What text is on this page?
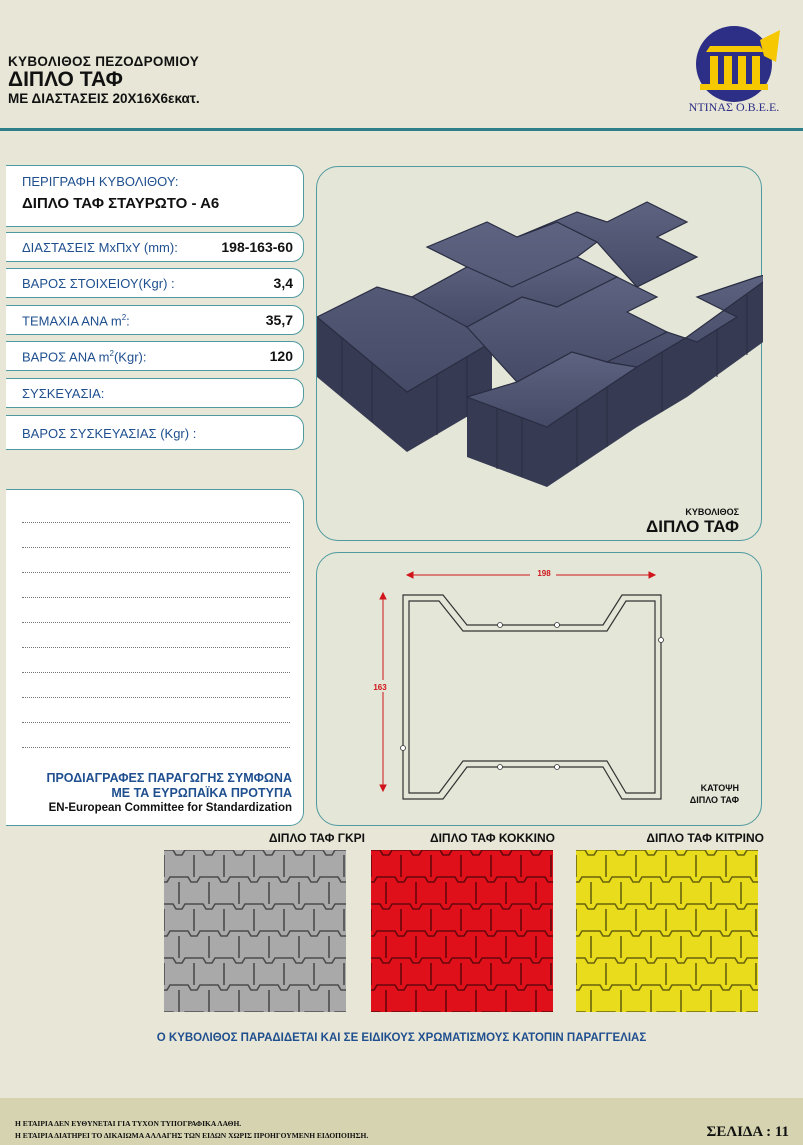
ΚΥΒΟΛΙΘΟΣ ΠΕΖΟΔΡΟΜΙΟΥ
ΔΙΠΛΟ ΤΑΦ
ΜΕ ΔΙΑΣΤΑΣΕΙΣ 20Χ16Χ6εκατ.
ΝΤΙΝΑΣ Ο.Β.Ε.Ε.
ΠΕΡΙΓΡΑΦΗ ΚΥΒΟΛΙΘΟΥ:
ΔΙΠΛΟ ΤΑΦ ΣΤΑΥΡΩΤΟ - Α6
ΔΙΑΣΤΑΣΕΙΣ ΜxΠxΥ (mm):	198-163-60
ΒΑΡΟΣ ΣΤΟΙΧΕΙΟΥ(Kgr) :	3,4
ΤΕΜΑΧΙΑ ΑΝΑ $m^2$:	35,7
ΒΑΡΟΣ ΑΝΑ $m^2(Kgr)$:	120
ΣΥΣΚΕΥΑΣΙΑ:
ΒΑΡΟΣ ΣΥΣΚΕΥΑΣΙΑΣ (Kgr) :
ΚΥΒΟΛΙΘΟΣ
ΔΙΠΛΟ ΤΑΦ
ΠΡΟΔΙΑΓΡΑΦΕΣ ΠΑΡΑΓΩΓΗΣ ΣΥΜΦΩΝΑ
ΜΕ ΤΑ ΕΥΡΩΠΑΪΚΑ ΠΡΟΤΥΠΑ
EN-European Committee for Standardization
198
163
ΚΑΤΟΨΗ
ΔΙΠΛΟ ΤΑΦ
ΔΙΠΛΟ ΤΑΦ ΓΚΡΙ	ΔΙΠΛΟ ΤΑΦ ΚΟΚΚΙΝΟ	ΔΙΠΛΟ ΤΑΦ ΚΙΤΡΙΝΟ
Ο ΚΥΒΟΛΙΘΟΣ ΠΑΡΑΔΙΔΕΤΑΙ ΚΑΙ ΣΕ ΕΙΔΙΚΟΥΣ ΧΡΩΜΑΤΙΣΜΟΥΣ ΚΑΤΟΠΙΝ ΠΑΡΑΓΓΕΛΙΑΣ
Η ΕΤΑΙΡΙΑ ΔΕΝ ΕΥΘΥΝΕΤΑΙ ΓΙΑ ΤΥΧΟΝ ΤΥΠΟΓΡΑΦΙΚΑ ΛΑΘΗ.
Η ΕΤΑΙΡΙΑ ΔΙΑΤΗΡΕΙ ΤΟ ΔΙΚΑΙΩΜΑ ΑΛΛΑΓΗΣ ΤΩΝ ΕΙΔΩΝ ΧΩΡΙΣ ΠΡΟΗΓΟΥΜΕΝΗ ΕΙΔΟΠΟΙΗΣΗ.	ΣΕΛΙΔΑ : 11
